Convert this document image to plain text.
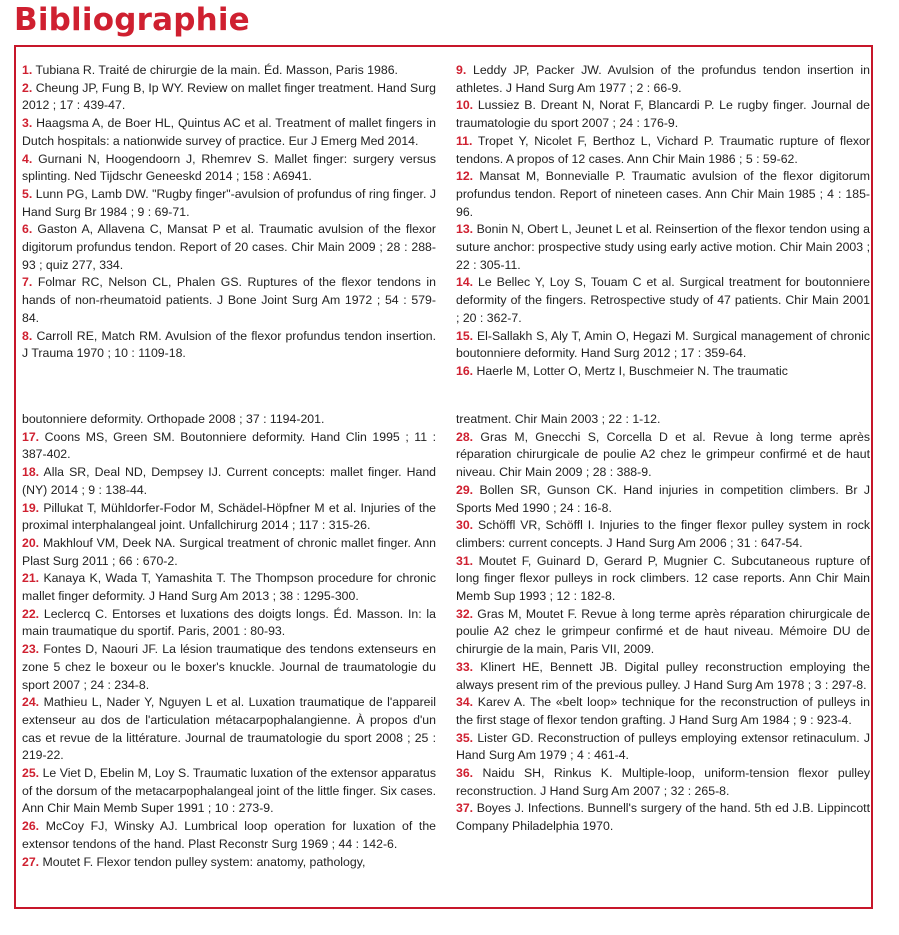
Bibliographie

1. Tubiana R. Traité de chirurgie de la main. Éd. Masson, Paris 1986.

2. Cheung JP, Fung B, Ip WY. Review on mallet finger treatment. Hand Surg 2012 ; 17 : 439-47.

3. Haagsma A, de Boer HL, Quintus AC et al. Treatment of mallet fingers in Dutch hospitals: a nationwide survey of practice. Eur J Emerg Med 2014.

4. Gurnani N, Hoogendoorn J, Rhemrev S. Mallet finger: surgery versus splinting. Ned Tijdschr Geneeskd 2014 ; 158 : A6941.

5. Lunn PG, Lamb DW. "Rugby finger"-avulsion of profundus of ring finger. J Hand Surg Br 1984 ; 9 : 69-71.

6. Gaston A, Allavena C, Mansat P et al. Traumatic avulsion of the flexor digitorum profundus tendon. Report of 20 cases. Chir Main 2009 ; 28 : 288-93 ; quiz 277, 334.

7. Folmar RC, Nelson CL, Phalen GS. Ruptures of the flexor tendons in hands of non-rheumatoid patients. J Bone Joint Surg Am 1972 ; 54 : 579-84.

8. Carroll RE, Match RM. Avulsion of the flexor profundus tendon insertion. J Trauma 1970 ; 10 : 1109-18.

9. Leddy JP, Packer JW. Avulsion of the profundus tendon insertion in athletes. J Hand Surg Am 1977 ; 2 : 66-9.

10. Lussiez B. Dreant N, Norat F, Blancardi P. Le rugby finger. Journal de traumatologie du sport 2007 ; 24 : 176-9.

11. Tropet Y, Nicolet F, Berthoz L, Vichard P. Traumatic rupture of flexor tendons. A propos of 12 cases. Ann Chir Main 1986 ; 5 : 59-62.

12. Mansat M, Bonnevialle P. Traumatic avulsion of the flexor digitorum profundus tendon. Report of nineteen cases. Ann Chir Main 1985 ; 4 : 185-96.

13. Bonin N, Obert L, Jeunet L et al. Reinsertion of the flexor tendon using a suture anchor: prospective study using early active motion. Chir Main 2003 ; 22 : 305-11.

14. Le Bellec Y, Loy S, Touam C et al. Surgical treatment for boutonniere deformity of the fingers. Retrospective study of 47 patients. Chir Main 2001 ; 20 : 362-7.

15. El-Sallakh S, Aly T, Amin O, Hegazi M. Surgical management of chronic boutonniere deformity. Hand Surg 2012 ; 17 : 359-64.

16. Haerle M, Lotter O, Mertz I, Buschmeier N. The traumatic

boutonniere deformity. Orthopade 2008 ; 37 : 1194-201.

17. Coons MS, Green SM. Boutonniere deformity. Hand Clin 1995 ; 11 : 387-402.

18. Alla SR, Deal ND, Dempsey IJ. Current concepts: mallet finger. Hand (NY) 2014 ; 9 : 138-44.

19. Pillukat T, Mühldorfer-Fodor M, Schädel-Höpfner M et al. Injuries of the proximal interphalangeal joint. Unfallchirurg 2014 ; 117 : 315-26.

20. Makhlouf VM, Deek NA. Surgical treatment of chronic mallet finger. Ann Plast Surg 2011 ; 66 : 670-2.

21. Kanaya K, Wada T, Yamashita T. The Thompson procedure for chronic mallet finger deformity. J Hand Surg Am 2013 ; 38 : 1295-300.

22. Leclercq C. Entorses et luxations des doigts longs. Éd. Masson. In: la main traumatique du sportif. Paris, 2001 : 80-93.

23. Fontes D, Naouri JF. La lésion traumatique des tendons extenseurs en zone 5 chez le boxeur ou le boxer's knuckle. Journal de traumatologie du sport 2007 ; 24 : 234-8.

24. Mathieu L, Nader Y, Nguyen L et al. Luxation traumatique de l'appareil extenseur au dos de l'articulation métacarpophalangienne. À propos d'un cas et revue de la littérature. Journal de traumatologie du sport 2008 ; 25 : 219-22.

25. Le Viet D, Ebelin M, Loy S. Traumatic luxation of the extensor apparatus of the dorsum of the metacarpophalangeal joint of the little finger. Six cases. Ann Chir Main Memb Super 1991 ; 10 : 273-9.

26. McCoy FJ, Winsky AJ. Lumbrical loop operation for luxation of the extensor tendons of the hand. Plast Reconstr Surg 1969 ; 44 : 142-6.

27. Moutet F. Flexor tendon pulley system: anatomy, pathology,

treatment. Chir Main 2003 ; 22 : 1-12.

28. Gras M, Gnecchi S, Corcella D et al. Revue à long terme après réparation chirurgicale de poulie A2 chez le grimpeur confirmé et de haut niveau. Chir Main 2009 ; 28 : 388-9.

29. Bollen SR, Gunson CK. Hand injuries in competition climbers. Br J Sports Med 1990 ; 24 : 16-8.

30. Schöffl VR, Schöffl I. Injuries to the finger flexor pulley system in rock climbers: current concepts. J Hand Surg Am 2006 ; 31 : 647-54.

31. Moutet F, Guinard D, Gerard P, Mugnier C. Subcutaneous rupture of long finger flexor pulleys in rock climbers. 12 case reports. Ann Chir Main Memb Sup 1993 ; 12 : 182-8.

32. Gras M, Moutet F. Revue à long terme après réparation chirurgicale de poulie A2 chez le grimpeur confirmé et de haut niveau. Mémoire DU de chirurgie de la main, Paris VII, 2009.

33. Klinert HE, Bennett JB. Digital pulley reconstruction employing the always present rim of the previous pulley. J Hand Surg Am 1978 ; 3 : 297-8.

34. Karev A. The «belt loop» technique for the reconstruction of pulleys in the first stage of flexor tendon grafting. J Hand Surg Am 1984 ; 9 : 923-4.

35. Lister GD. Reconstruction of pulleys employing extensor retinaculum. J Hand Surg Am 1979 ; 4 : 461-4.

36. Naidu SH, Rinkus K. Multiple-loop, uniform-tension flexor pulley reconstruction. J Hand Surg Am 2007 ; 32 : 265-8.

37. Boyes J. Infections. Bunnell's surgery of the hand. 5th ed J.B. Lippincott Company Philadelphia 1970.
